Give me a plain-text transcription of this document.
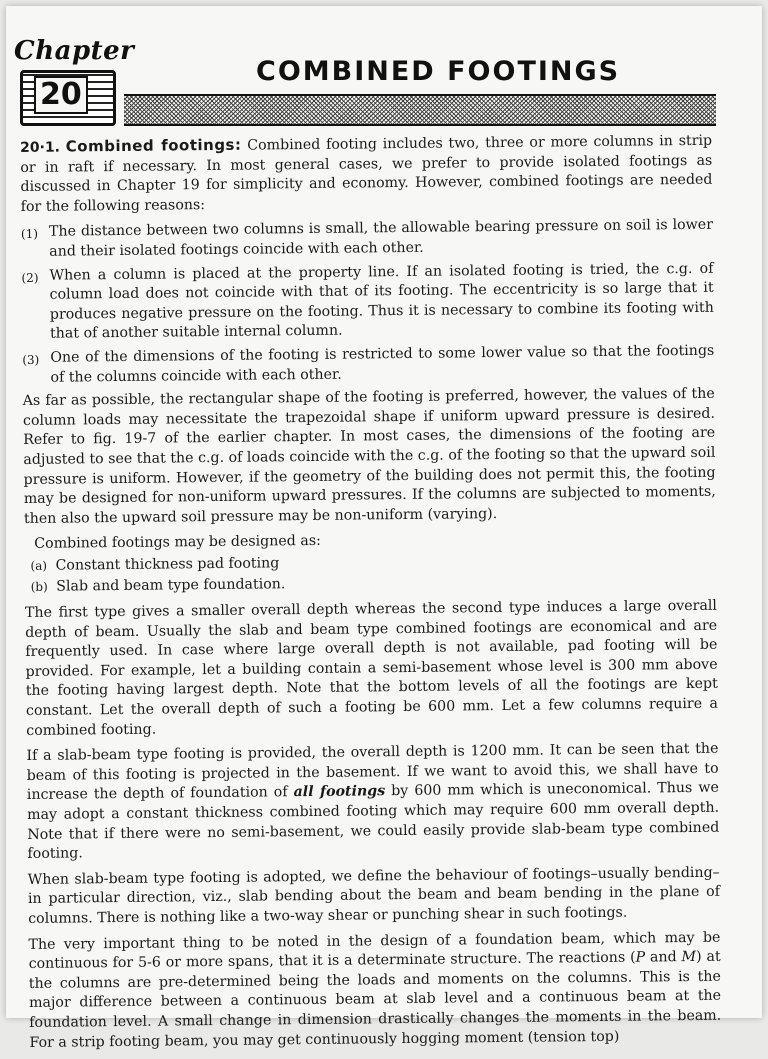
Chapter
20
COMBINED FOOTINGS

20·1. Combined footings: Combined footing includes two, three or more columns in strip or in raft if necessary. In most general cases, we prefer to provide isolated footings as discussed in Chapter 19 for simplicity and economy. However, combined footings are needed for the following reasons:

(1) The distance between two columns is small, the allowable bearing pressure on soil is lower and their isolated footings coincide with each other.
(2) When a column is placed at the property line. If an isolated footing is tried, the c.g. of column load does not coincide with that of its footing. The eccentricity is so large that it produces negative pressure on the footing. Thus it is necessary to combine its footing with that of another suitable internal column.
(3) One of the dimensions of the footing is restricted to some lower value so that the footings of the columns coincide with each other.

As far as possible, the rectangular shape of the footing is preferred, however, the values of the column loads may necessitate the trapezoidal shape if uniform upward pressure is desired. Refer to fig. 19-7 of the earlier chapter. In most cases, the dimensions of the footing are adjusted to see that the c.g. of loads coincide with the c.g. of the footing so that the upward soil pressure is uniform. However, if the geometry of the building does not permit this, the footing may be designed for non-uniform upward pressures. If the columns are subjected to moments, then also the upward soil pressure may be non-uniform (varying).

Combined footings may be designed as:

(a) Constant thickness pad footing
(b) Slab and beam type foundation.

The first type gives a smaller overall depth whereas the second type induces a large overall depth of beam. Usually the slab and beam type combined footings are economical and are frequently used. In case where large overall depth is not available, pad footing will be provided. For example, let a building contain a semi-basement whose level is 300 mm above the footing having largest depth. Note that the bottom levels of all the footings are kept constant. Let the overall depth of such a footing be 600 mm. Let a few columns require a combined footing.

If a slab-beam type footing is provided, the overall depth is 1200 mm. It can be seen that the beam of this footing is projected in the basement. If we want to avoid this, we shall have to increase the depth of foundation of all footings by 600 mm which is uneconomical. Thus we may adopt a constant thickness combined footing which may require 600 mm overall depth. Note that if there were no semi-basement, we could easily provide slab-beam type combined footing.

When slab-beam type footing is adopted, we define the behaviour of footings–usually bending–in particular direction, viz., slab bending about the beam and beam bending in the plane of columns. There is nothing like a two-way shear or punching shear in such footings.

The very important thing to be noted in the design of a foundation beam, which may be continuous for 5-6 or more spans, that it is a determinate structure. The reactions (P and M) at the columns are pre-determined being the loads and moments on the columns. This is the major difference between a continuous beam at slab level and a continuous beam at the foundation level. A small change in dimension drastically changes the moments in the beam. For a strip footing beam, you may get continuously hogging moment (tension top)
